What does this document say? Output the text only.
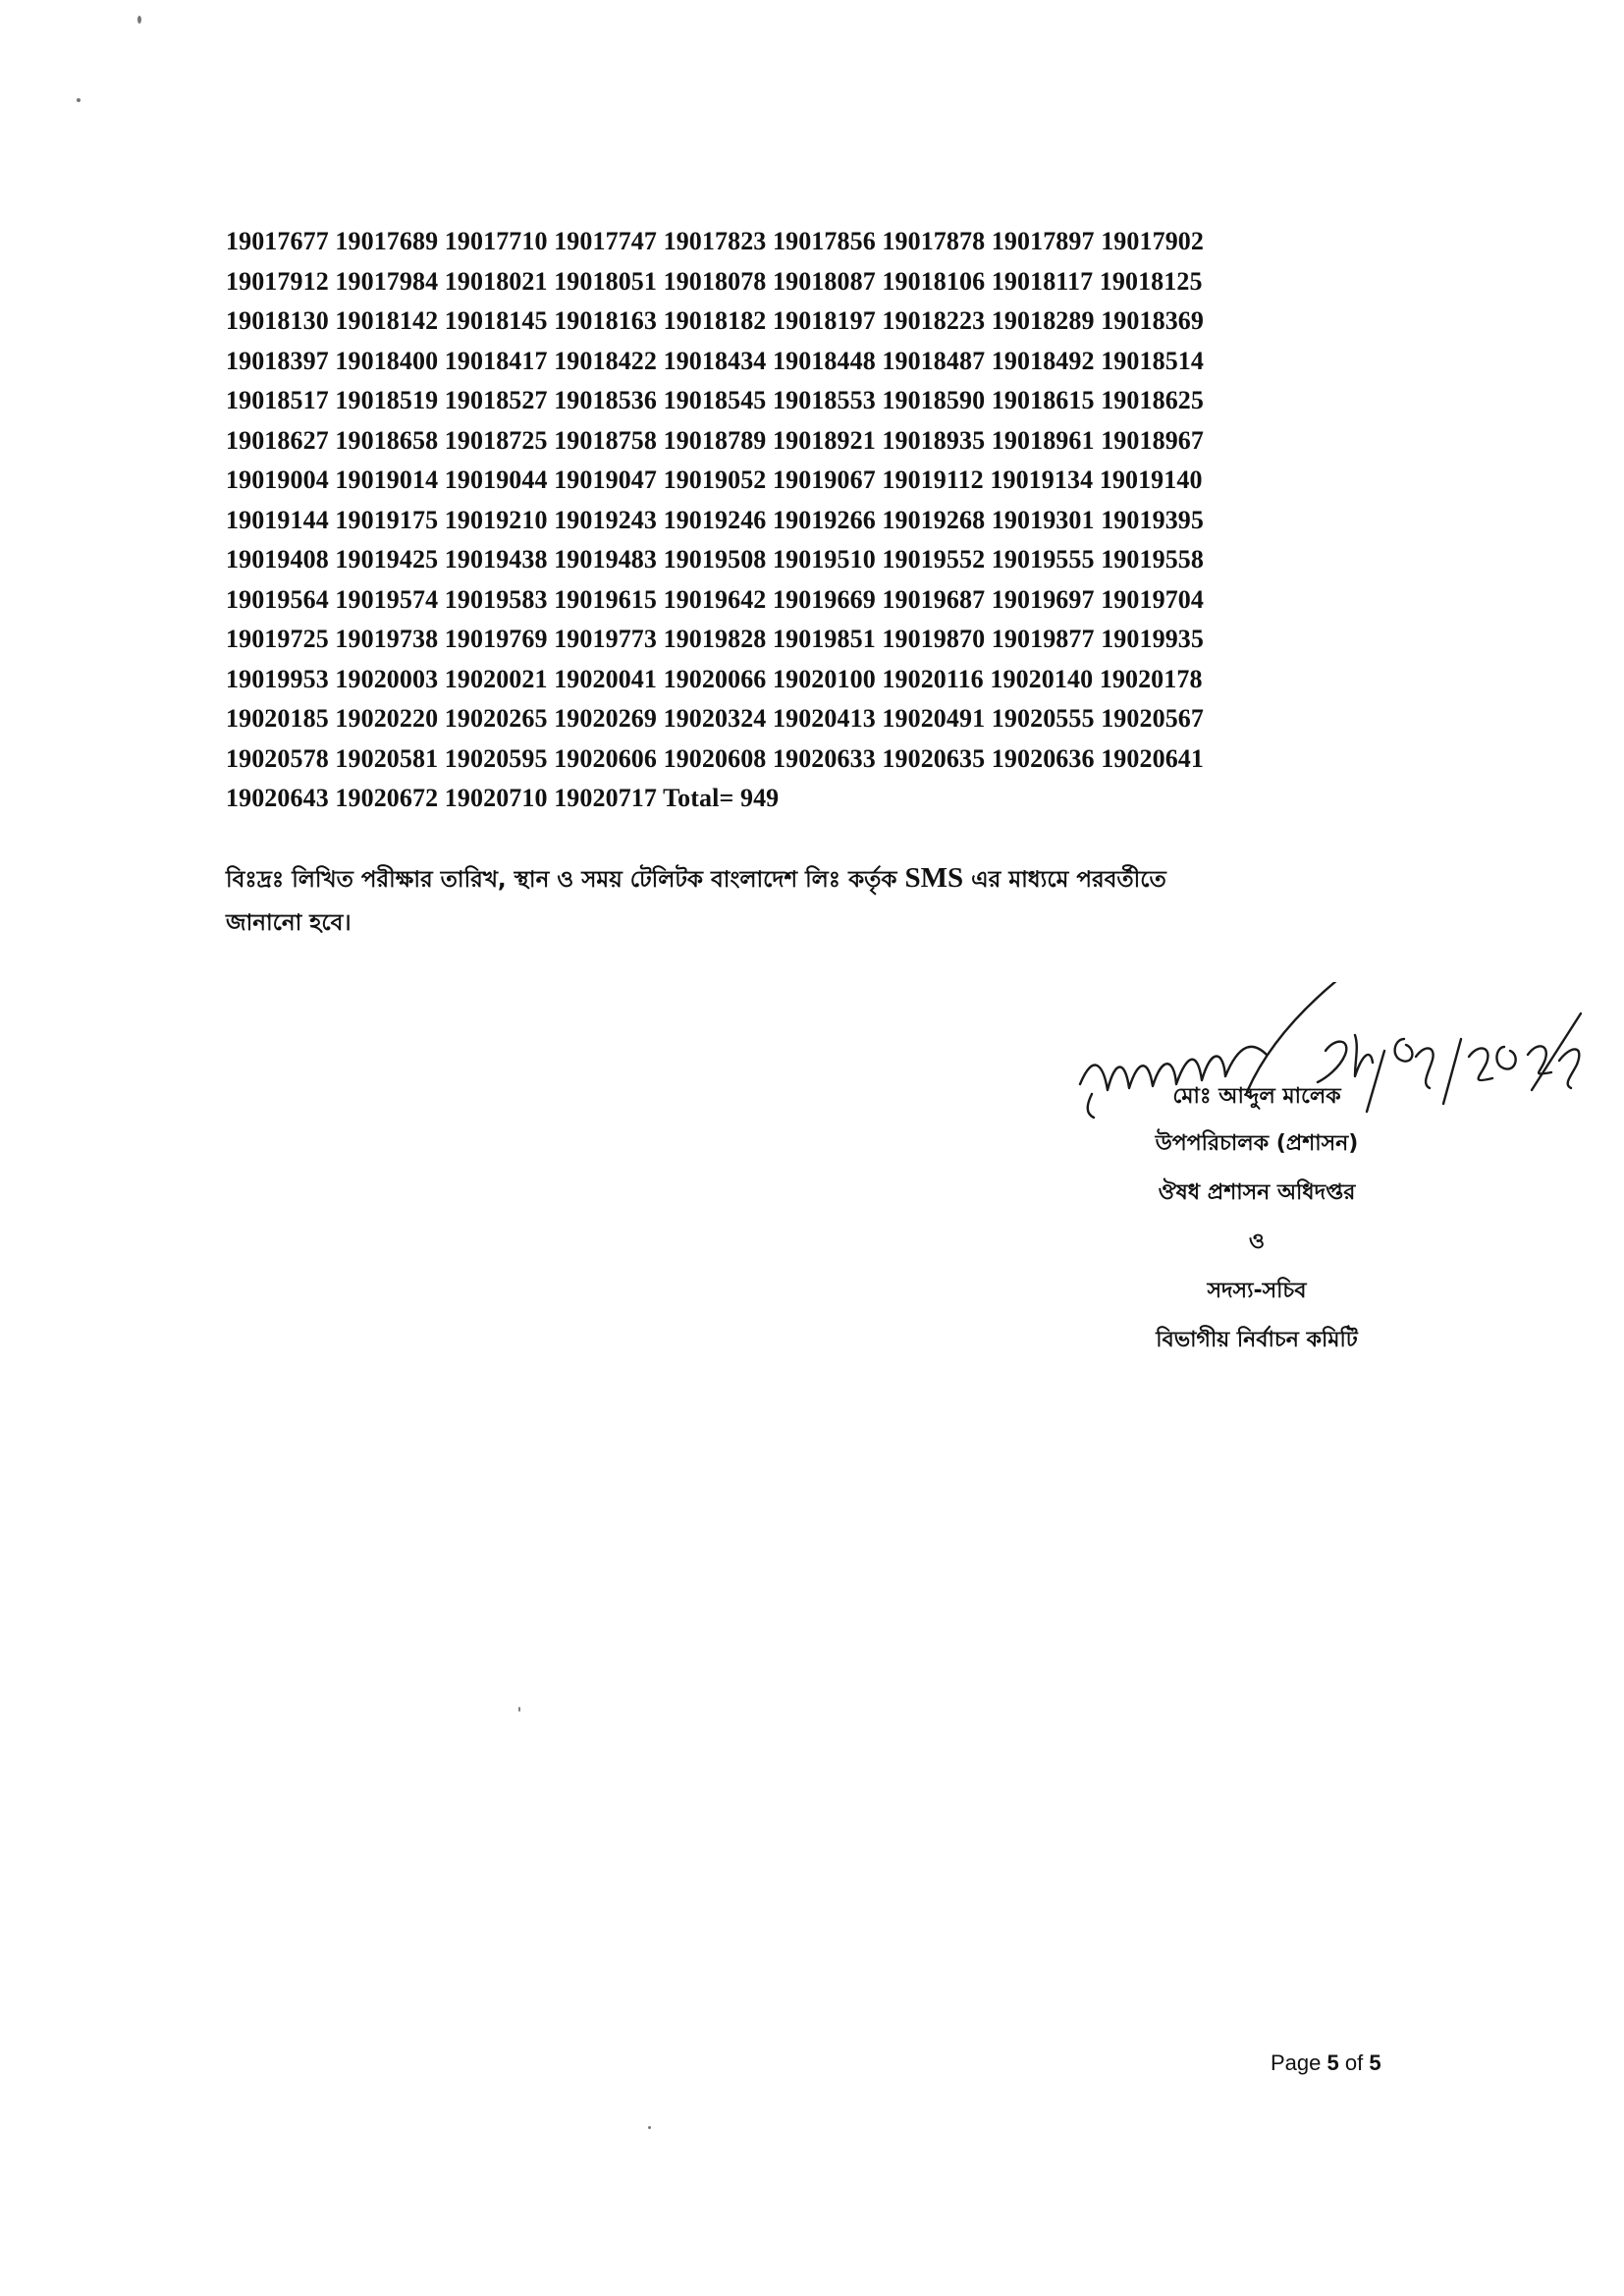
19017677 19017689 19017710 19017747 19017823 19017856 19017878 19017897 19017902
19017912 19017984 19018021 19018051 19018078 19018087 19018106 19018117 19018125
19018130 19018142 19018145 19018163 19018182 19018197 19018223 19018289 19018369
19018397 19018400 19018417 19018422 19018434 19018448 19018487 19018492 19018514
19018517 19018519 19018527 19018536 19018545 19018553 19018590 19018615 19018625
19018627 19018658 19018725 19018758 19018789 19018921 19018935 19018961 19018967
19019004 19019014 19019044 19019047 19019052 19019067 19019112 19019134 19019140
19019144 19019175 19019210 19019243 19019246 19019266 19019268 19019301 19019395
19019408 19019425 19019438 19019483 19019508 19019510 19019552 19019555 19019558
19019564 19019574 19019583 19019615 19019642 19019669 19019687 19019697 19019704
19019725 19019738 19019769 19019773 19019828 19019851 19019870 19019877 19019935
19019953 19020003 19020021 19020041 19020066 19020100 19020116 19020140 19020178
19020185 19020220 19020265 19020269 19020324 19020413 19020491 19020555 19020567
19020578 19020581 19020595 19020606 19020608 19020633 19020635 19020636 19020641
19020643 19020672 19020710 19020717 Total= 949
বিঃদ্রঃ লিখিত পরীক্ষার তারিখ, স্থান ও সময় টেলিটক বাংলাদেশ লিঃ কর্তৃক SMS এর মাধ্যমে পরবর্তীতে
জানানো হবে।
মোঃ আব্দুল মালেক
উপপরিচালক (প্রশাসন)
ঔষধ প্রশাসন অধিদপ্তর
ও
সদস্য-সচিব
বিভাগীয় নির্বাচন কমিটি
Page 5 of 5
